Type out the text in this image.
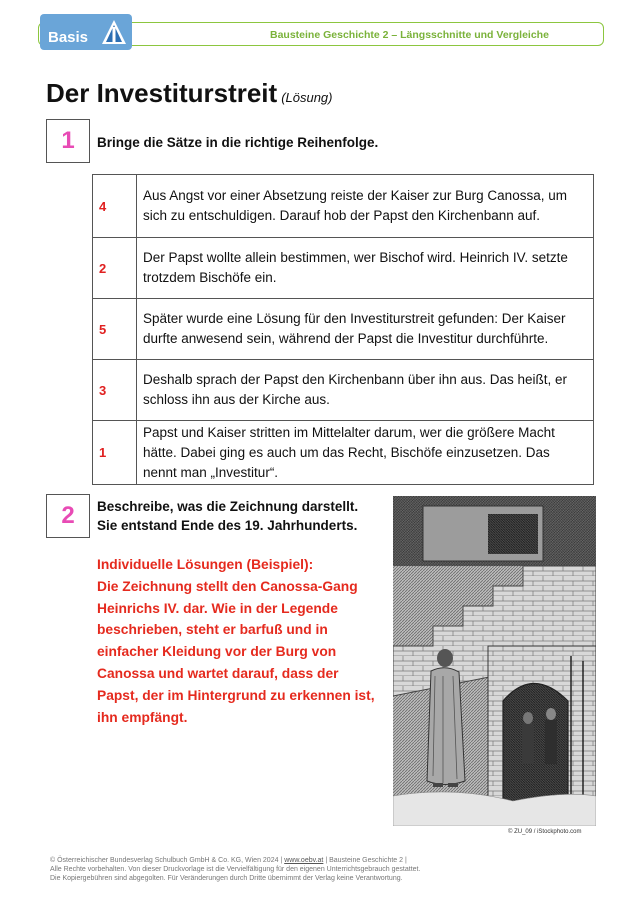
Basis	Bausteine Geschichte 2 – Längsschnitte und Vergleiche
Der Investiturstreit (Lösung)
1	Bringe die Sätze in die richtige Reihenfolge.
4	Aus Angst vor einer Absetzung reiste der Kaiser zur Burg Canossa, um sich zu entschuldigen. Darauf hob der Papst den Kirchenbann auf.
2	Der Papst wollte allein bestimmen, wer Bischof wird. Heinrich IV. setzte trotzdem Bischöfe ein.
5	Später wurde eine Lösung für den Investiturstreit gefunden: Der Kaiser durfte anwesend sein, während der Papst die Investitur durchführte.
3	Deshalb sprach der Papst den Kirchenbann über ihn aus. Das heißt, er schloss ihn aus der Kirche aus.
1	Papst und Kaiser stritten im Mittelalter darum, wer die größere Macht hätte. Dabei ging es auch um das Recht, Bischöfe einzusetzen. Das nennt man „Investitur“.
2	Beschreibe, was die Zeichnung darstellt.
Sie entstand Ende des 19. Jahrhunderts.

Individuelle Lösungen (Beispiel):

Die Zeichnung stellt den Canossa-Gang Heinrichs IV. dar. Wie in der Legende beschrieben, steht er barfuß und in einfacher Kleidung vor der Burg von Canossa und wartet darauf, dass der Papst, der im Hintergrund zu erkennen ist, ihn empfängt.

© ZU_09 / iStockphoto.com
© Österreichischer Bundesverlag Schulbuch GmbH & Co. KG, Wien 2024 | www.oebv.at | Bausteine Geschichte 2 |
Alle Rechte vorbehalten. Von dieser Druckvorlage ist die Vervielfältigung für den eigenen Unterrichtsgebrauch gestattet.
Die Kopiergebühren sind abgegolten. Für Veränderungen durch Dritte übernimmt der Verlag keine Verantwortung.
